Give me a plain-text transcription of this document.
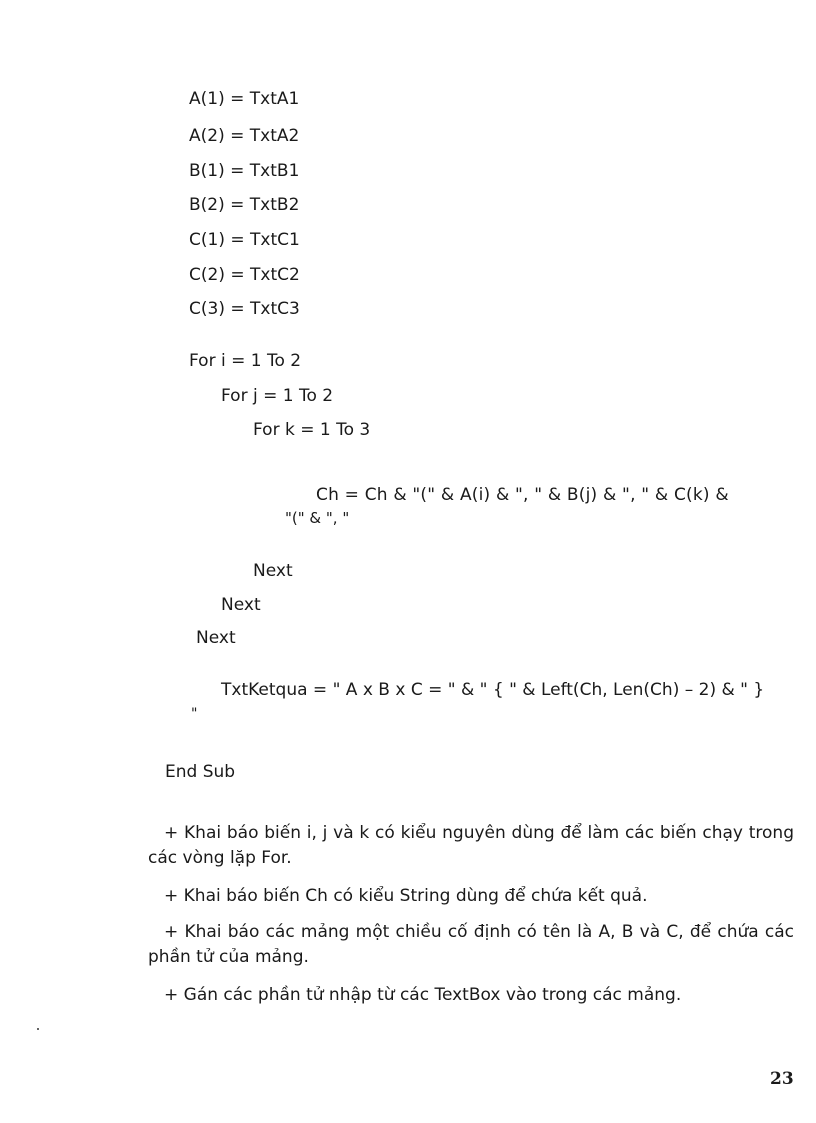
A(1) = TxtA1
A(2) = TxtA2
B(1) = TxtB1
B(2) = TxtB2
C(1) = TxtC1
C(2) = TxtC2
C(3) = TxtC3
For i = 1 To 2
For j = 1 To 2
For k = 1 To 3
Ch = Ch & "(" & A(i) & ", " & B(j) & ", " & C(k) &
"(" & ", "
Next
Next
Next
TxtKetqua = " A x B x C = " & " { " & Left(Ch, Len(Ch) – 2) & " }
"
End Sub
+ Khai báo biến i, j và k có kiểu nguyên dùng để làm các biến chạy trong các vòng lặp For.
+ Khai báo biến Ch có kiểu String dùng để chứa kết quả.
+ Khai báo các mảng một chiều cố định có tên là A, B và C, để chứa các phần tử của mảng.
+ Gán các phần tử nhập từ các TextBox vào trong các mảng.
23
